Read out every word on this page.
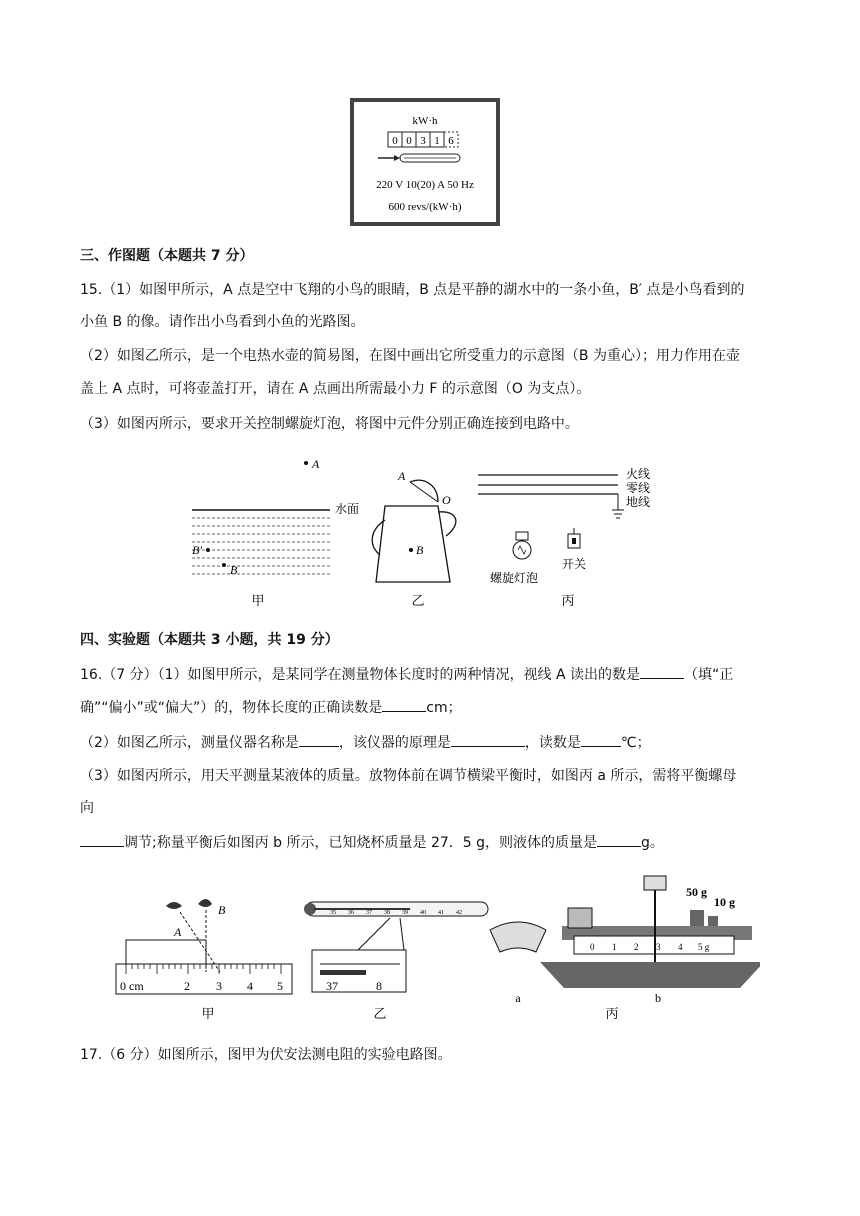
kW·h
0 0 3 1 6
220 V 10(20) A 50 Hz
600 revs/(kW·h)
三、作图题（本题共 7 分）
15.（1）如图甲所示，A 点是空中飞翔的小鸟的眼睛，B 点是平静的湖水中的一条小鱼，B′ 点是小鸟看到的
小鱼 B 的像。请作出小鸟看到小鱼的光路图。
（2）如图乙所示，是一个电热水壶的简易图，在图中画出它所受重力的示意图（B 为重心）；用力作用在壶
盖上 A 点时，可将壶盖打开，请在 A 点画出所需最小力 F 的示意图（O 为支点）。
（3）如图丙所示，要求开关控制螺旋灯泡，将图中元件分别正确连接到电路中。
A
水面
B′
B
甲
A
O
B
乙
火线
零线
地线
螺旋灯泡
开关
丙
四、实验题（本题共 3 小题，共 19 分）
16.（7 分）（1）如图甲所示，是某同学在测量物体长度时的两种情况，视线 A 读出的数是	（填“正
确”“偏小”或“偏大”）的，物体长度的正确读数是	cm；
（2）如图乙所示，测量仪器名称是	，该仪器的原理是	，读数是	℃；
（3）如图丙所示，用天平测量某液体的质量。放物体前在调节横梁平衡时，如图丙 a 所示，需将平衡螺母
向
调节;称量平衡后如图丙 b 所示，已知烧杯质量是 27．5 g，则液体的质量是	g。
B
A
0 cm	2 3 4 5
甲
35 36 37 38 39 40 41 42
37	8
乙
a
0 1 2 3 4 5 g
50 g
10 g
b
丙
17.（6 分）如图所示，图甲为伏安法测电阻的实验电路图。
